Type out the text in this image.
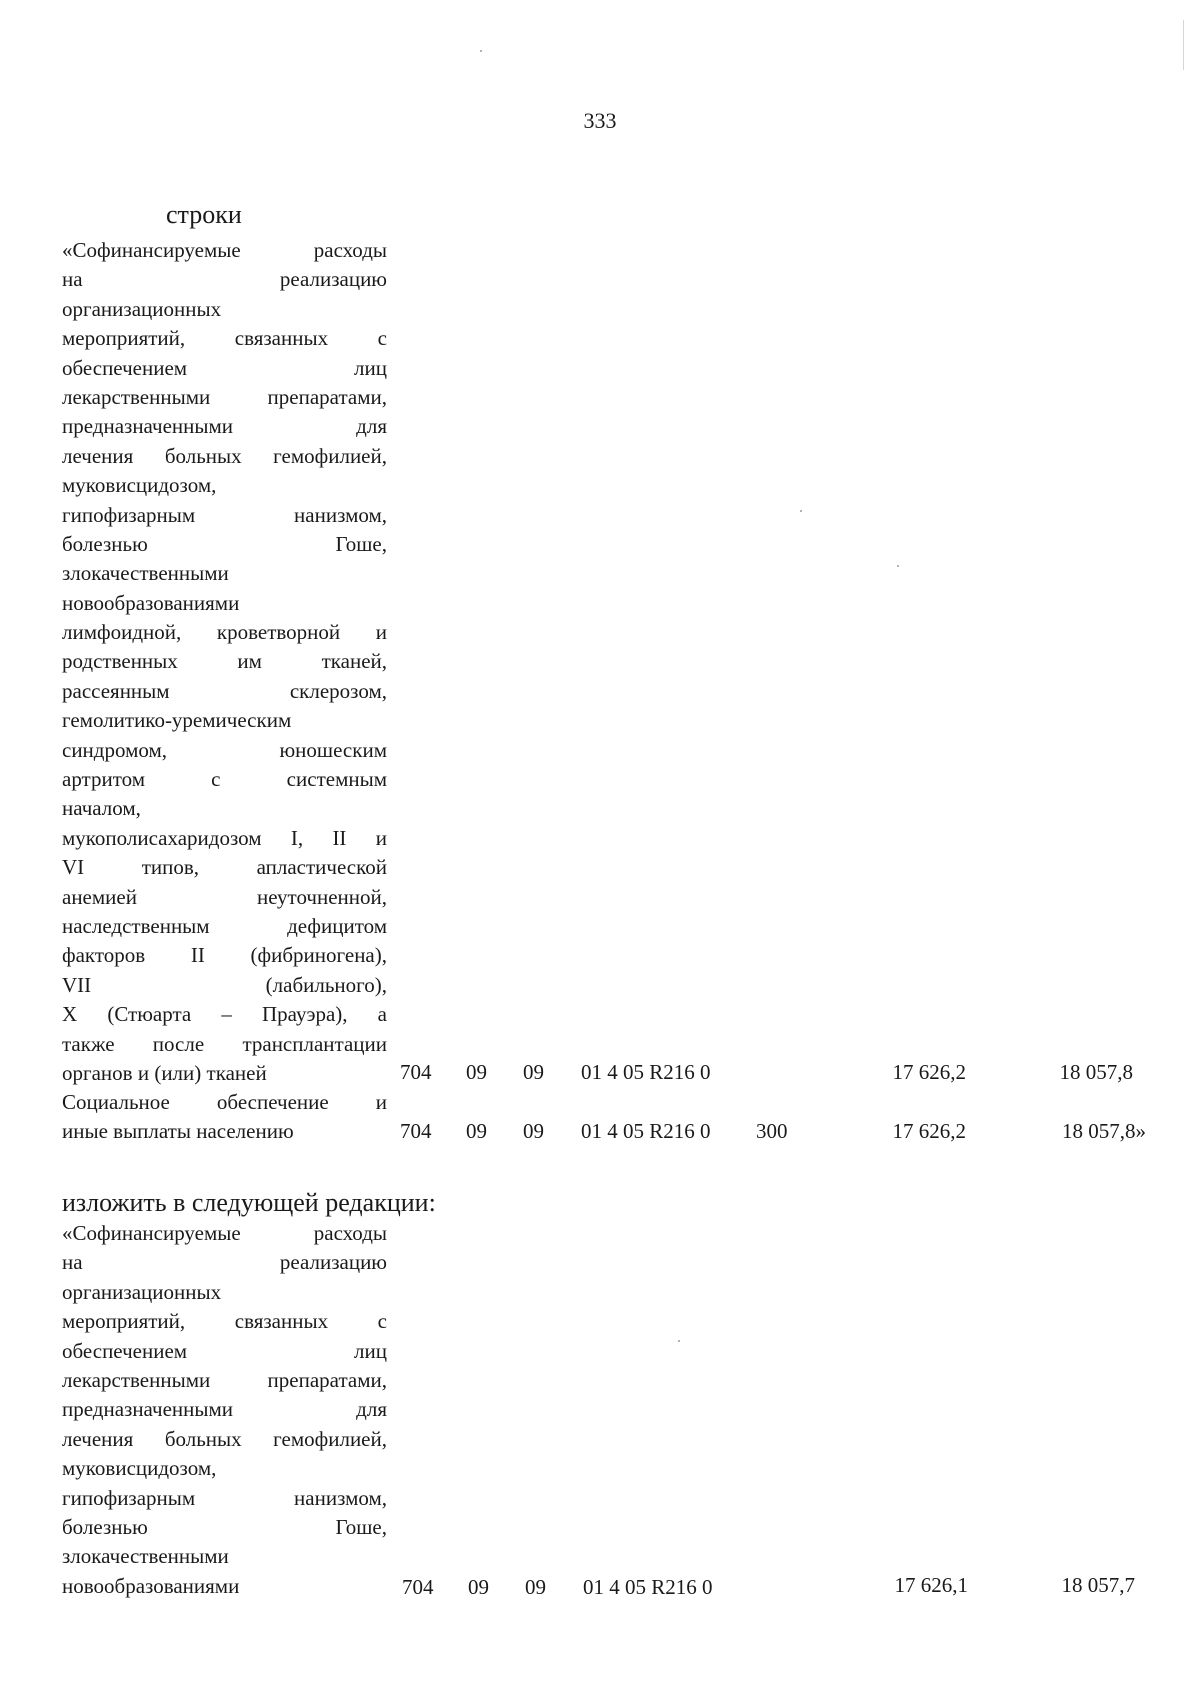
333
строки
«Софинансируемые расходы
на реализацию
организационных
мероприятий, связанных с
обеспечением лиц
лекарственными препаратами,
предназначенными для
лечения больных гемофилией,
муковисцидозом,
гипофизарным нанизмом,
болезнью Гоше,
злокачественными
новообразованиями
лимфоидной, кроветворной и
родственных им тканей,
рассеянным склерозом,
гемолитико-уремическим
синдромом, юношеским
артритом с системным
началом,
мукополисахаридозом I, II и
VI типов, апластической
анемией неуточненной,
наследственным дефицитом
факторов II (фибриногена),
VII (лабильного),
X (Стюарта – Прауэра), а
также после трансплантации
органов и (или) тканей	704 09 09 01 4 05 R216 0	17 626,2	18 057,8
Социальное обеспечение и
иные выплаты населению	704 09 09 01 4 05 R216 0 300	17 626,2	18 057,8»
изложить в следующей редакции:
«Софинансируемые расходы
на реализацию
организационных
мероприятий, связанных с
обеспечением лиц
лекарственными препаратами,
предназначенными для
лечения больных гемофилией,
муковисцидозом,
гипофизарным нанизмом,
болезнью Гоше,
злокачественными
новообразованиями	704 09 09 01 4 05 R216 0	17 626,1	18 057,7
